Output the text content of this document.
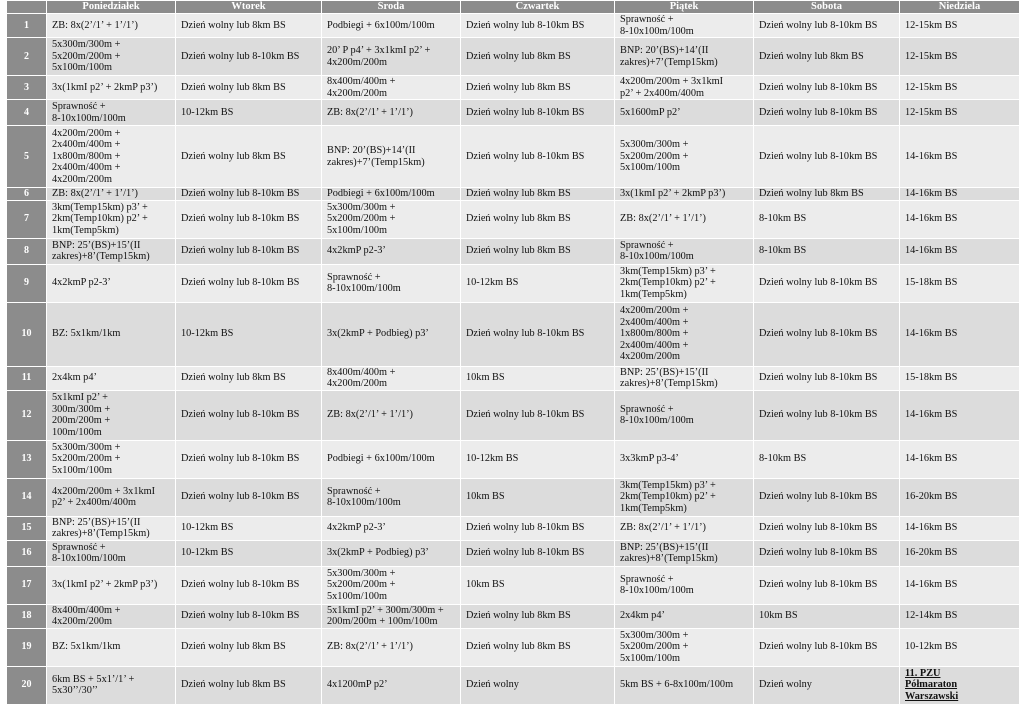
	Poniedziałek	Wtorek	Środa	Czwartek	Piątek	Sobota	Niedziela
1	ZB: 8x(2’/1’ + 1’/1’)	Dzień wolny lub 8km BS	Podbiegi + 6x100m/100m	Dzień wolny lub 8-10km BS	Sprawność +
8-10x100m/100m	Dzień wolny lub 8-10km BS	12-15km BS
2	5x300m/300m +
5x200m/200m +
5x100m/100m	Dzień wolny lub 8-10km BS	20’ P p4’ + 3x1kmI p2’ +
4x200m/200m	Dzień wolny lub 8km BS	BNP: 20’(BS)+14’(II
zakres)+7’(Temp15km)	Dzień wolny lub 8km BS	12-15km BS
3	3x(1kmI p2’ + 2kmP p3’)	Dzień wolny lub 8km BS	8x400m/400m +
4x200m/200m	Dzień wolny lub 8km BS	4x200m/200m + 3x1kmI
p2’ + 2x400m/400m	Dzień wolny lub 8-10km BS	12-15km BS
4	Sprawność +
8-10x100m/100m	10-12km BS	ZB: 8x(2’/1’ + 1’/1’)	Dzień wolny lub 8-10km BS	5x1600mP p2’	Dzień wolny lub 8-10km BS	12-15km BS
5	4x200m/200m +
2x400m/400m +
1x800m/800m +
2x400m/400m +
4x200m/200m	Dzień wolny lub 8km BS	BNP: 20’(BS)+14’(II
zakres)+7’(Temp15km)	Dzień wolny lub 8-10km BS	5x300m/300m +
5x200m/200m +
5x100m/100m	Dzień wolny lub 8-10km BS	14-16km BS
6	ZB: 8x(2’/1’ + 1’/1’)	Dzień wolny lub 8-10km BS	Podbiegi + 6x100m/100m	Dzień wolny lub 8km BS	3x(1kmI p2’ + 2kmP p3’)	Dzień wolny lub 8km BS	14-16km BS
7	3km(Temp15km) p3’ +
2km(Temp10km) p2’ +
1km(Temp5km)	Dzień wolny lub 8-10km BS	5x300m/300m +
5x200m/200m +
5x100m/100m	Dzień wolny lub 8km BS	ZB: 8x(2’/1’ + 1’/1’)	8-10km BS	14-16km BS
8	BNP: 25’(BS)+15’(II
zakres)+8’(Temp15km)	Dzień wolny lub 8-10km BS	4x2kmP p2-3’	Dzień wolny lub 8km BS	Sprawność +
8-10x100m/100m	8-10km BS	14-16km BS
9	4x2kmP p2-3’	Dzień wolny lub 8-10km BS	Sprawność +
8-10x100m/100m	10-12km BS	3km(Temp15km) p3’ +
2km(Temp10km) p2’ +
1km(Temp5km)	Dzień wolny lub 8-10km BS	15-18km BS
10	BZ: 5x1km/1km	10-12km BS	3x(2kmP + Podbieg) p3’	Dzień wolny lub 8-10km BS	4x200m/200m +
2x400m/400m +
1x800m/800m +
2x400m/400m +
4x200m/200m	Dzień wolny lub 8-10km BS	14-16km BS
11	2x4km p4’	Dzień wolny lub 8km BS	8x400m/400m +
4x200m/200m	10km BS	BNP: 25’(BS)+15’(II
zakres)+8’(Temp15km)	Dzień wolny lub 8-10km BS	15-18km BS
12	5x1kmI p2’ +
300m/300m +
200m/200m +
100m/100m	Dzień wolny lub 8-10km BS	ZB: 8x(2’/1’ + 1’/1’)	Dzień wolny lub 8-10km BS	Sprawność +
8-10x100m/100m	Dzień wolny lub 8-10km BS	14-16km BS
13	5x300m/300m +
5x200m/200m +
5x100m/100m	Dzień wolny lub 8-10km BS	Podbiegi + 6x100m/100m	10-12km BS	3x3kmP p3-4’	8-10km BS	14-16km BS
14	4x200m/200m + 3x1kmI
p2’ + 2x400m/400m	Dzień wolny lub 8-10km BS	Sprawność +
8-10x100m/100m	10km BS	3km(Temp15km) p3’ +
2km(Temp10km) p2’ +
1km(Temp5km)	Dzień wolny lub 8-10km BS	16-20km BS
15	BNP: 25’(BS)+15’(II
zakres)+8’(Temp15km)	10-12km BS	4x2kmP p2-3’	Dzień wolny lub 8-10km BS	ZB: 8x(2’/1’ + 1’/1’)	Dzień wolny lub 8-10km BS	14-16km BS
16	Sprawność +
8-10x100m/100m	10-12km BS	3x(2kmP + Podbieg) p3’	Dzień wolny lub 8-10km BS	BNP: 25’(BS)+15’(II
zakres)+8’(Temp15km)	Dzień wolny lub 8-10km BS	16-20km BS
17	3x(1kmI p2’ + 2kmP p3’)	Dzień wolny lub 8-10km BS	5x300m/300m +
5x200m/200m +
5x100m/100m	10km BS	Sprawność +
8-10x100m/100m	Dzień wolny lub 8-10km BS	14-16km BS
18	8x400m/400m +
4x200m/200m	Dzień wolny lub 8-10km BS	5x1kmI p2’ + 300m/300m +
200m/200m + 100m/100m	Dzień wolny lub 8km BS	2x4km p4’	10km BS	12-14km BS
19	BZ: 5x1km/1km	Dzień wolny lub 8km BS	ZB: 8x(2’/1’ + 1’/1’)	Dzień wolny lub 8km BS	5x300m/300m +
5x200m/200m +
5x100m/100m	Dzień wolny lub 8-10km BS	10-12km BS
20	6km BS + 5x1’/1’ +
5x30’’/30’’	Dzień wolny lub 8km BS	4x1200mP p2’	Dzień wolny	5km BS + 6-8x100m/100m	Dzień wolny	11. PZU
Półmaraton
Warszawski
